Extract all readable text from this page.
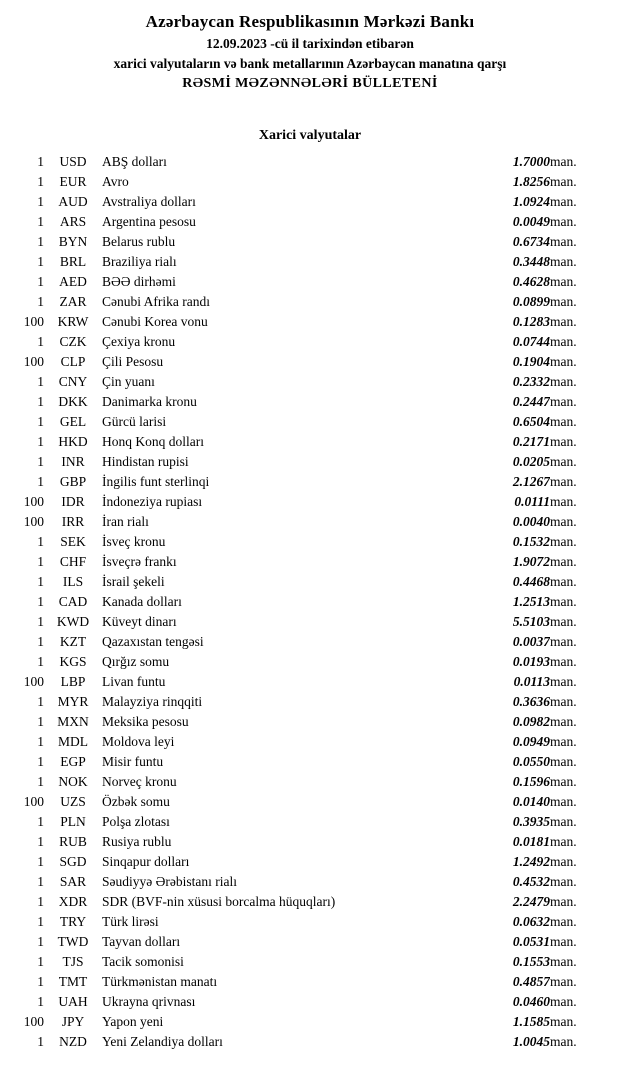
Azərbaycan Respublikasının Mərkəzi Bankı
12.09.2023 -cü il tarixindən etibarən
xarici valyutaların və bank metallarının Azərbaycan manatına qarşı
RƏSMİ MƏZƏNNƏLƏRİ BÜLLETENİ
Xarici valyutalar
1	USD	ABŞ dolları	1.7000	man.
1	EUR	Avro	1.8256	man.
1	AUD	Avstraliya dolları	1.0924	man.
1	ARS	Argentina pesosu	0.0049	man.
1	BYN	Belarus rublu	0.6734	man.
1	BRL	Braziliya rialı	0.3448	man.
1	AED	BƏƏ dirhəmi	0.4628	man.
1	ZAR	Cənubi Afrika randı	0.0899	man.
100	KRW	Cənubi Korea vonu	0.1283	man.
1	CZK	Çexiya kronu	0.0744	man.
100	CLP	Çili Pesosu	0.1904	man.
1	CNY	Çin yuanı	0.2332	man.
1	DKK	Danimarka kronu	0.2447	man.
1	GEL	Gürcü larisi	0.6504	man.
1	HKD	Honq Konq dolları	0.2171	man.
1	INR	Hindistan rupisi	0.0205	man.
1	GBP	İngilis funt sterlinqi	2.1267	man.
100	IDR	İndoneziya rupiası	0.0111	man.
100	IRR	İran rialı	0.0040	man.
1	SEK	İsveç kronu	0.1532	man.
1	CHF	İsveçrə frankı	1.9072	man.
1	ILS	İsrail şekeli	0.4468	man.
1	CAD	Kanada dolları	1.2513	man.
1	KWD	Küveyt dinarı	5.5103	man.
1	KZT	Qazaxıstan tengəsi	0.0037	man.
1	KGS	Qırğız somu	0.0193	man.
100	LBP	Livan funtu	0.0113	man.
1	MYR	Malayziya rinqqiti	0.3636	man.
1	MXN	Meksika pesosu	0.0982	man.
1	MDL	Moldova leyi	0.0949	man.
1	EGP	Misir funtu	0.0550	man.
1	NOK	Norveç kronu	0.1596	man.
100	UZS	Özbək somu	0.0140	man.
1	PLN	Polşa zlotası	0.3935	man.
1	RUB	Rusiya rublu	0.0181	man.
1	SGD	Sinqapur dolları	1.2492	man.
1	SAR	Səudiyyə Ərəbistanı rialı	0.4532	man.
1	XDR	SDR (BVF-nin xüsusi borcalma hüquqları)	2.2479	man.
1	TRY	Türk lirəsi	0.0632	man.
1	TWD	Tayvan dolları	0.0531	man.
1	TJS	Tacik somonisi	0.1553	man.
1	TMT	Türkmənistan manatı	0.4857	man.
1	UAH	Ukrayna qrivnası	0.0460	man.
100	JPY	Yapon yeni	1.1585	man.
1	NZD	Yeni Zelandiya dolları	1.0045	man.
